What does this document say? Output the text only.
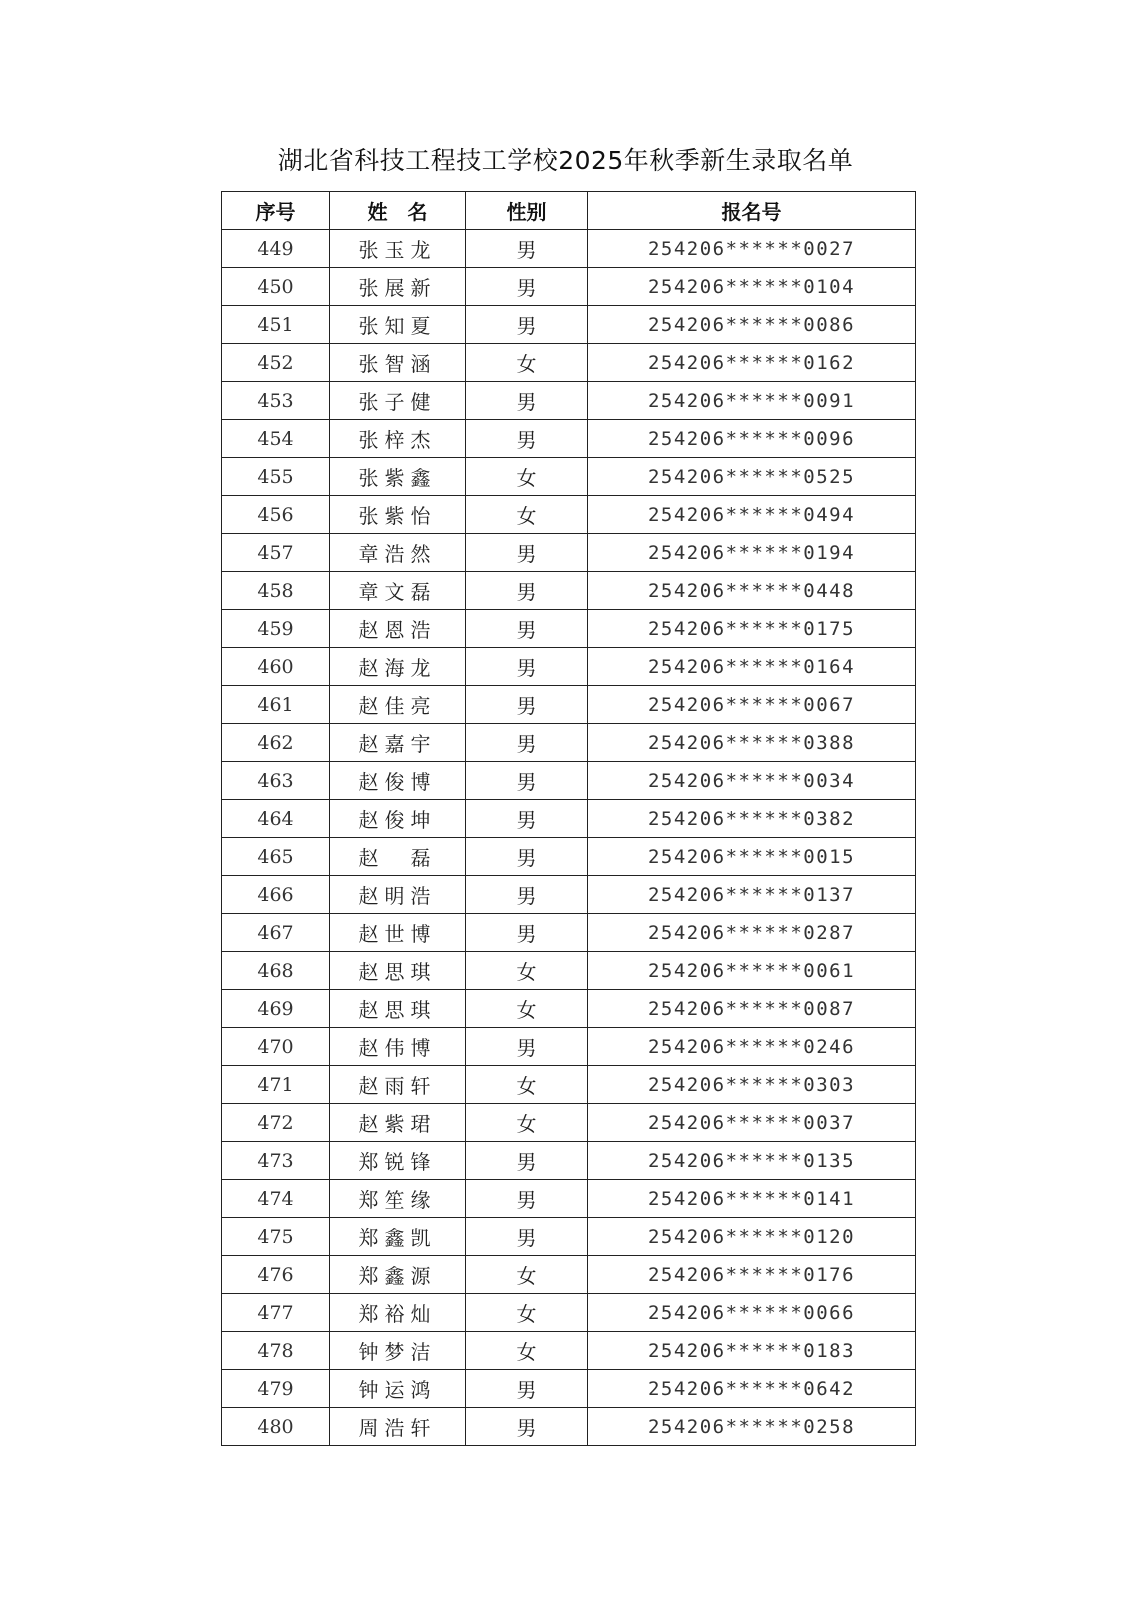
湖北省科技工程技工学校2025年秋季新生录取名单
序号	姓　名	性别	报名号
449	张玉龙	男	254206******0027
450	张展新	男	254206******0104
451	张知夏	男	254206******0086
452	张智涵	女	254206******0162
453	张子健	男	254206******0091
454	张梓杰	男	254206******0096
455	张紫鑫	女	254206******0525
456	张紫怡	女	254206******0494
457	章浩然	男	254206******0194
458	章文磊	男	254206******0448
459	赵恩浩	男	254206******0175
460	赵海龙	男	254206******0164
461	赵佳亮	男	254206******0067
462	赵嘉宇	男	254206******0388
463	赵俊博	男	254206******0034
464	赵俊坤	男	254206******0382
465	赵　磊	男	254206******0015
466	赵明浩	男	254206******0137
467	赵世博	男	254206******0287
468	赵思琪	女	254206******0061
469	赵思琪	女	254206******0087
470	赵伟博	男	254206******0246
471	赵雨轩	女	254206******0303
472	赵紫珺	女	254206******0037
473	郑锐锋	男	254206******0135
474	郑笙缘	男	254206******0141
475	郑鑫凯	男	254206******0120
476	郑鑫源	女	254206******0176
477	郑裕灿	女	254206******0066
478	钟梦洁	女	254206******0183
479	钟运鸿	男	254206******0642
480	周浩轩	男	254206******0258
